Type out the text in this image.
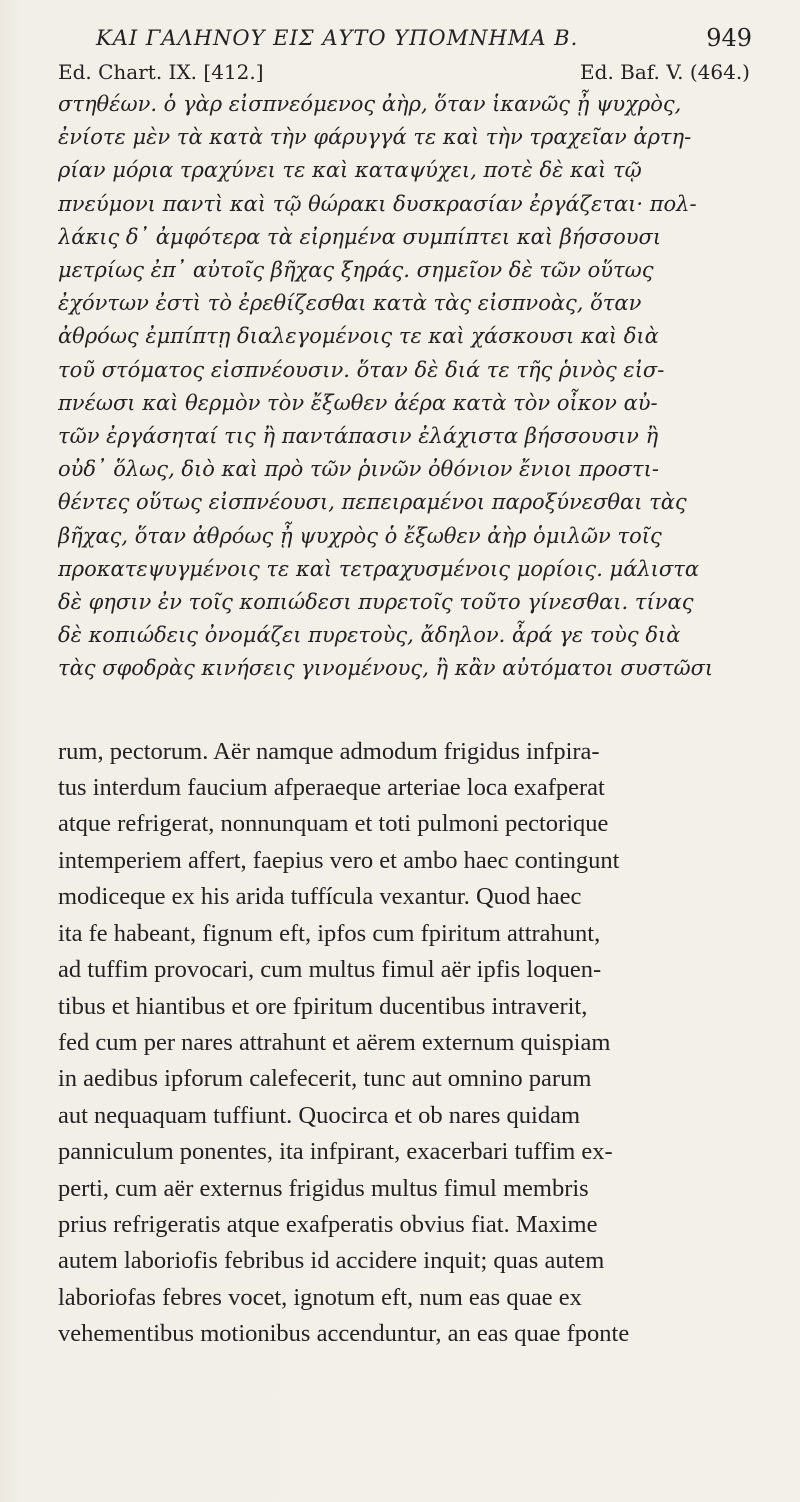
ΚΑΙ ΓΑΛΗΝΟΥ ΕΙΣ ΑΥΤΟ ΥΠΟΜΝΗΜΑ Β.	949
Ed. Chart. IX. [412.]	Ed. Baf. V. (464.)
στηθέων. ὁ γὰρ εἰσπνεόμενος ἀὴρ, ὅταν ἱκανῶς ᾖ ψυχρὸς,
ἐνίοτε μὲν τὰ κατὰ τὴν φάρυγγά τε καὶ τὴν τραχεῖαν ἀρτη-
ρίαν μόρια τραχύνει τε καὶ καταψύχει, ποτὲ δὲ καὶ τῷ
πνεύμονι παντὶ καὶ τῷ θώρακι δυσκρασίαν ἐργάζεται· πολ-
λάκις δ᾽ ἀμφότερα τὰ εἰρημένα συμπίπτει καὶ βήσσουσι
μετρίως ἐπ᾽ αὐτοῖς βῆχας ξηράς. σημεῖον δὲ τῶν οὕτως
ἐχόντων ἐστὶ τὸ ἐρεθίζεσθαι κατὰ τὰς εἰσπνοὰς, ὅταν
ἀθρόως ἐμπίπτῃ διαλεγομένοις τε καὶ χάσκουσι καὶ διὰ
τοῦ στόματος εἰσπνέουσιν. ὅταν δὲ διά τε τῆς ῥινὸς εἰσ-
πνέωσι καὶ θερμὸν τὸν ἔξωθεν ἀέρα κατὰ τὸν οἶκον αὐ-
τῶν ἐργάσηταί τις ἢ παντάπασιν ἐλάχιστα βήσσουσιν ἢ
οὐδ᾽ ὅλως, διὸ καὶ πρὸ τῶν ῥινῶν ὀθόνιον ἔνιοι προστι-
θέντες οὕτως εἰσπνέουσι, πεπειραμένοι παροξύνεσθαι τὰς
βῆχας, ὅταν ἀθρόως ᾖ ψυχρὸς ὁ ἔξωθεν ἀὴρ ὁμιλῶν τοῖς
προκατεψυγμένοις τε καὶ τετραχυσμένοις μορίοις. μάλιστα
δὲ φησιν ἐν τοῖς κοπιώδεσι πυρετοῖς τοῦτο γίνεσθαι. τίνας
δὲ κοπιώδεις ὀνομάζει πυρετοὺς, ἄδηλον. ἆρά γε τοὺς διὰ
τὰς σφοδρὰς κινήσεις γινομένους, ἢ κἂν αὐτόματοι συστῶσι
rum, pectorum. Aër namque admodum frigidus infpira-
tus interdum faucium afperaeque arteriae loca exafperat
atque refrigerat, nonnunquam et toti pulmoni pectorique
intemperiem affert, faepius vero et ambo haec contingunt
modiceque ex his arida tuffícula vexantur. Quod haec
ita fe habeant, fignum eft, ipfos cum fpiritum attrahunt,
ad tuffim provocari, cum multus fimul aër ipfis loquen-
tibus et hiantibus et ore fpiritum ducentibus intraverit,
fed cum per nares attrahunt et aërem externum quispiam
in aedibus ipforum calefecerit, tunc aut omnino parum
aut nequaquam tuffiunt. Quocirca et ob nares quidam
panniculum ponentes, ita infpirant, exacerbari tuffim ex-
perti, cum aër externus frigidus multus fimul membris
prius refrigeratis atque exafperatis obvius fiat. Maxime
autem laboriofis febribus id accidere inquit; quas autem
laboriofas febres vocet, ignotum eft, num eas quae ex
vehementibus motionibus accenduntur, an eas quae fponte
